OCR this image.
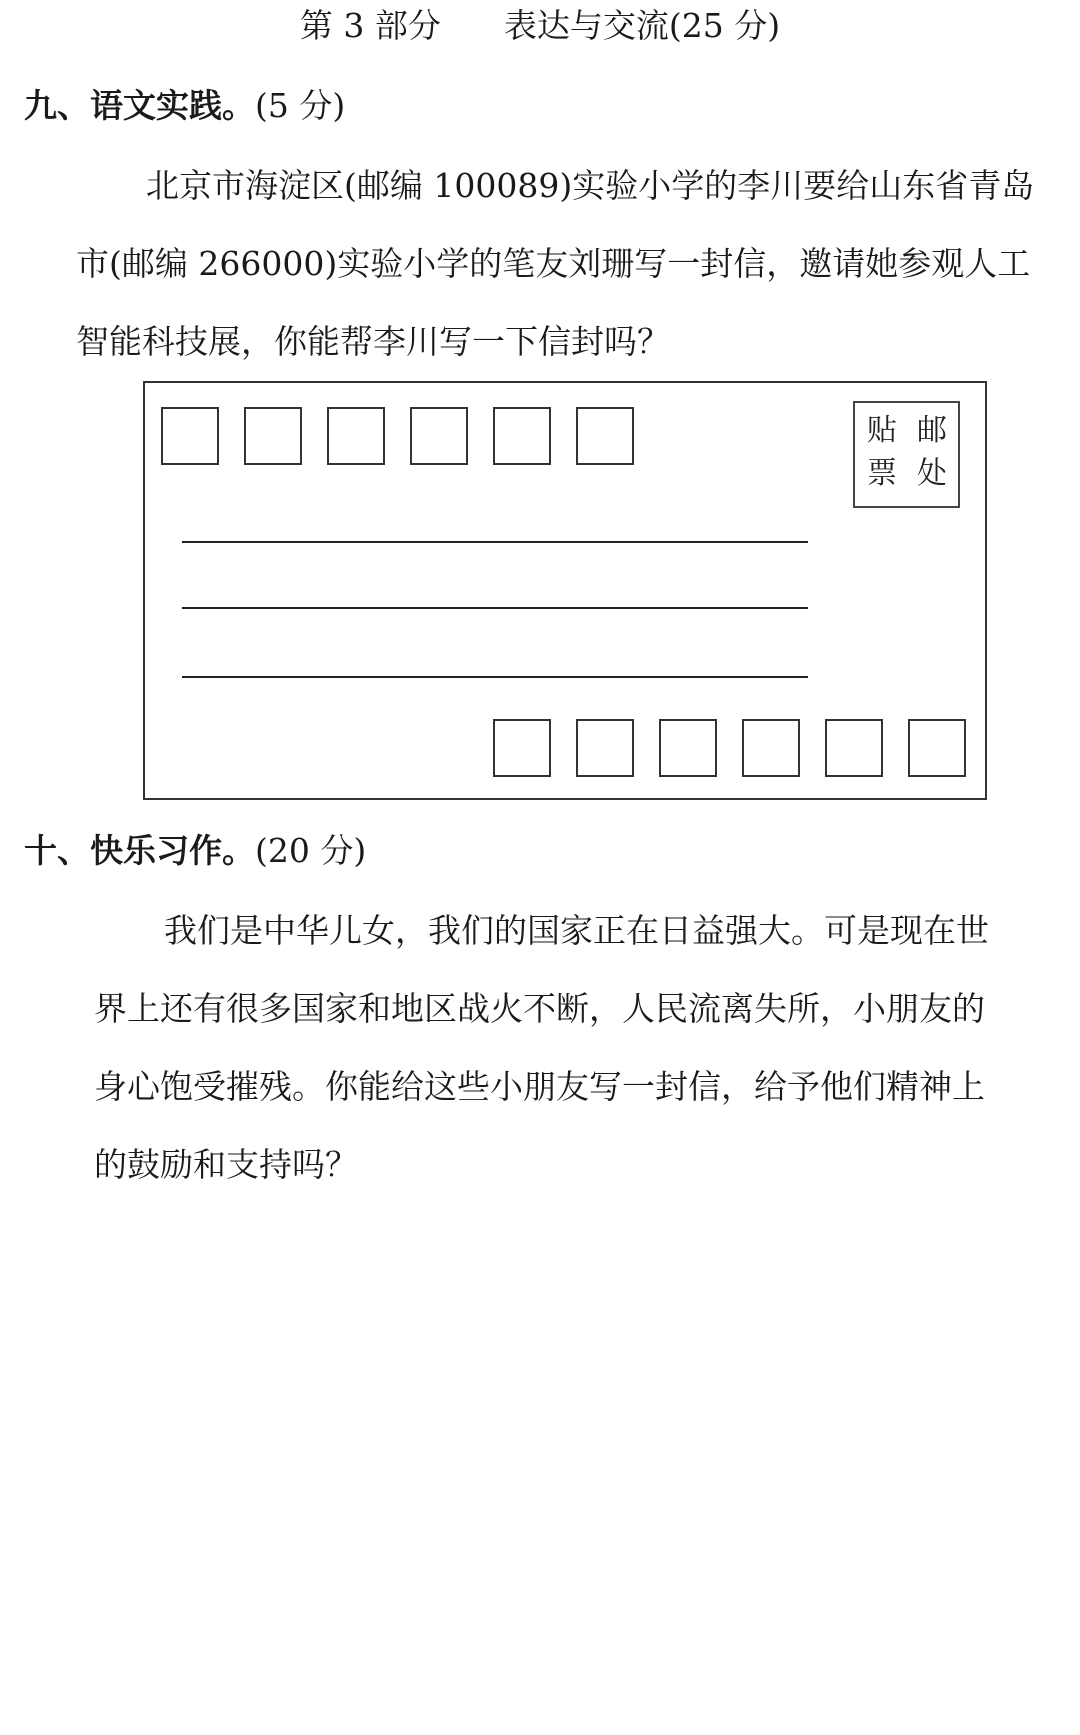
第 3 部分      表达与交流(25 分)
九、语文实践。(5 分)

北京市海淀区(邮编 100089)实验小学的李川要给山东省青岛

市(邮编 266000)实验小学的笔友刘珊写一封信，邀请她参观人工

智能科技展，你能帮李川写一下信封吗？

贴 邮
票 处
十、快乐习作。(20 分)

我们是中华儿女，我们的国家正在日益强大。可是现在世

界上还有很多国家和地区战火不断，人民流离失所，小朋友的

身心饱受摧残。你能给这些小朋友写一封信，给予他们精神上

的鼓励和支持吗？
